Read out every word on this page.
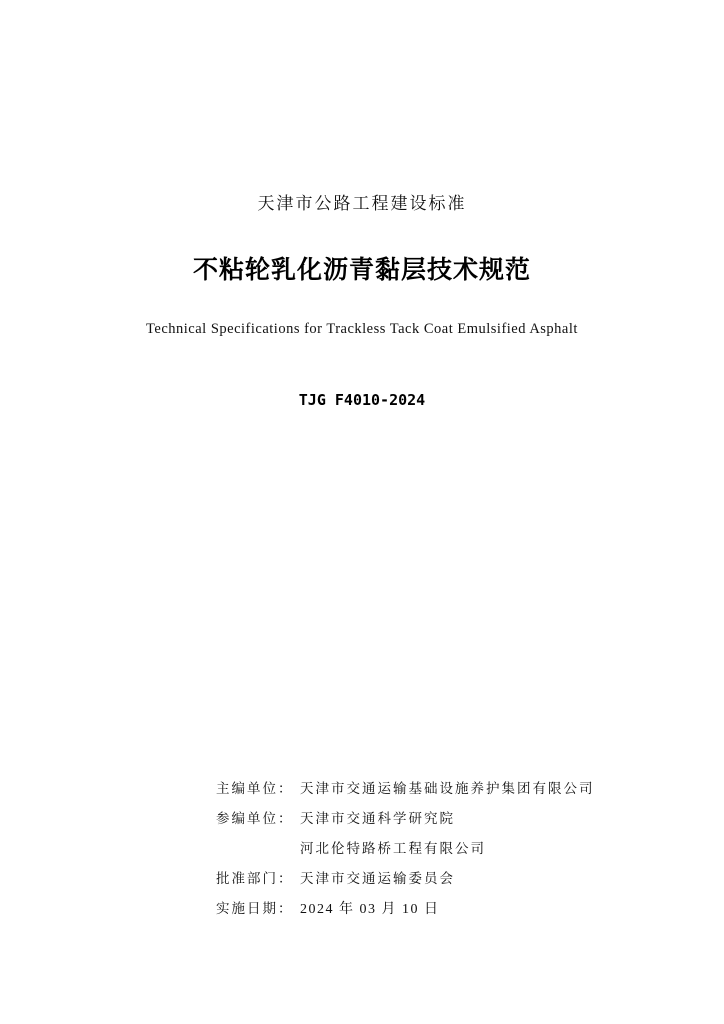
天津市公路工程建设标准
不粘轮乳化沥青黏层技术规范
Technical Specifications for Trackless Tack Coat Emulsified Asphalt
TJG F4010-2024
主编单位： 天津市交通运输基础设施养护集团有限公司
参编单位： 天津市交通科学研究院
河北伦特路桥工程有限公司
批准部门： 天津市交通运输委员会
实施日期： 2024 年 03 月 10 日
